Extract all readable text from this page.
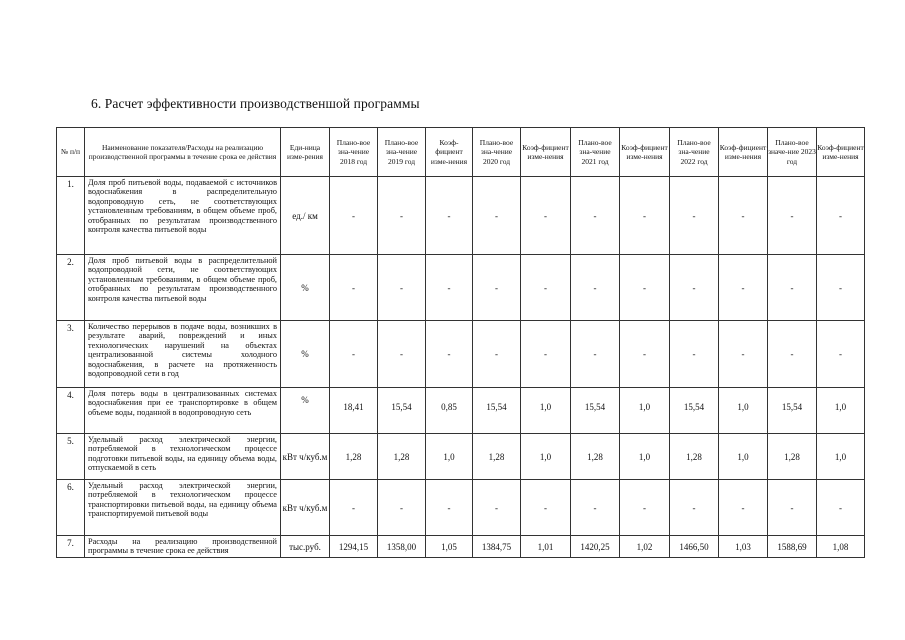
6. Расчет эффективности производственшой программы
№ п/п	Наименование показателя/Расходы на реализацию производственной программы в течение срока ее действия	Еди-ница изме-рения	Плано-вое зна-чение 2018 год	Плано-вое зна-чение 2019 год	Коэф-фициент изме-нения	Плано-вое зна-чение 2020 год	Коэф-фициент изме-нения	Плано-вое зна-чение 2021 год	Коэф-фициент изме-нения	Плано-вое зна-чение 2022 год	Коэф-фициент изме-нения	Плано-вое значе-ние 2023 год	Коэф-фициент изме-нения
1.	Доля проб питьевой воды, подаваемой с источников водоснабжения в распределительную водопроводную сеть, не соответствующих установленным требованиям, в общем объеме проб, отобранных по результатам производственного контроля качества питьевой воды	ед./ км	-	-	-	-	-	-	-	-	-	-	-
2.	Доля проб питьевой воды в распределительной водопроводной сети, не соответствующих установленным требованиям, в общем объеме проб, отобранных по результатам производственного контроля качества питьевой воды	%	-	-	-	-	-	-	-	-	-	-	-
3.	Количество перерывов в подаче воды, возникших в результате аварий, повреждений и иных технологических нарушений на объектах централизованной системы холодного водоснабжения, в расчете на протяженность водопроводной сети в год	%	-	-	-	-	-	-	-	-	-	-	-
4.	Доля потерь воды в централизованных системах водоснабжения при ее транспортировке в общем объеме воды, поданной в водопроводную сеть	%	18,41	15,54	0,85	15,54	1,0	15,54	1,0	15,54	1,0	15,54	1,0
5.	Удельный расход электрической энергии, потребляемой в технологическом процессе подготовки питьевой воды, на единицу объема воды, отпускаемой в сеть	кВт ч/куб.м	1,28	1,28	1,0	1,28	1,0	1,28	1,0	1,28	1,0	1,28	1,0
6.	Удельный расход электрической энергии, потребляемой в технологическом процессе транспортировки питьевой воды, на единицу объема транспортируемой питьевой воды	кВт ч/куб.м	-	-	-	-	-	-	-	-	-	-	-
7.	Расходы на реализацию производственной программы в течение срока ее действия	тыс.руб.	1294,15	1358,00	1,05	1384,75	1,01	1420,25	1,02	1466,50	1,03	1588,69	1,08
